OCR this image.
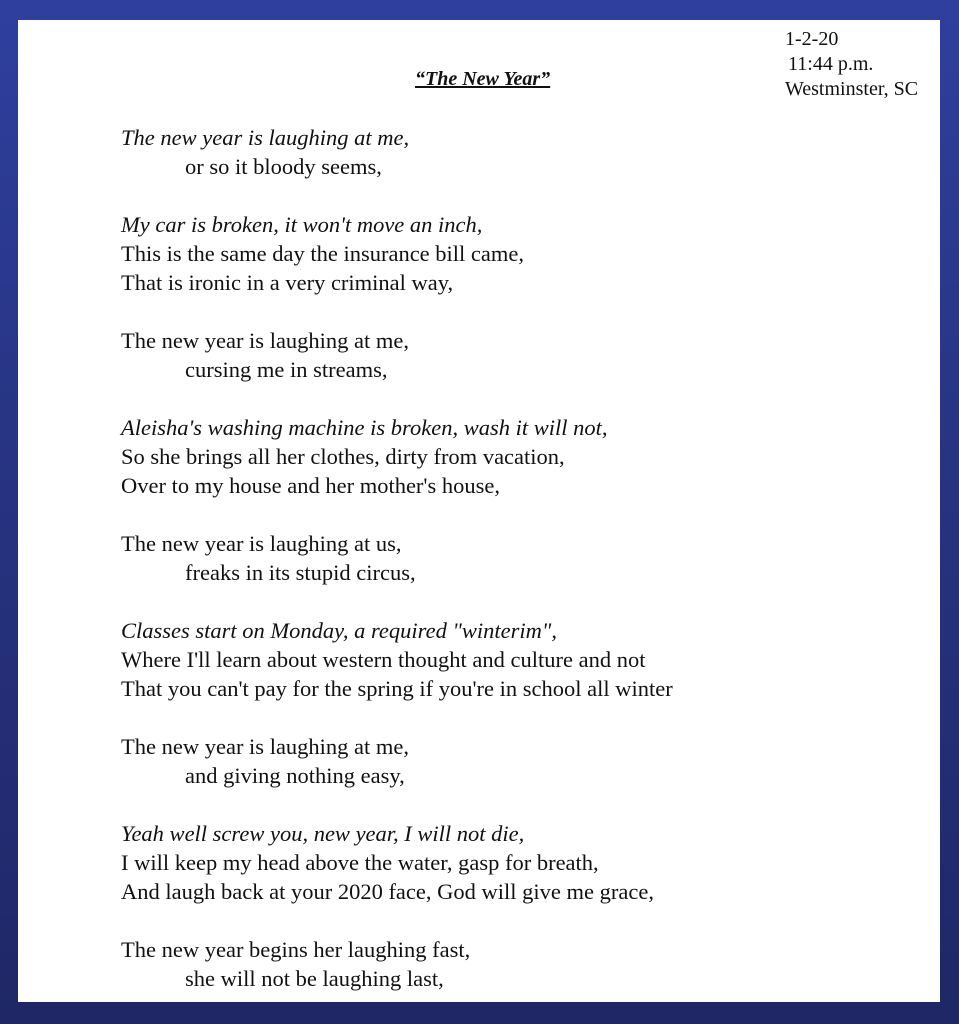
“The New Year”
1-2-20
11:44 p.m.
Westminster, SC
The new year is laughing at me,
or so it bloody seems,
My car is broken, it won't move an inch,
This is the same day the insurance bill came,
That is ironic in a very criminal way,
The new year is laughing at me,
cursing me in streams,
Aleisha's washing machine is broken, wash it will not,
So she brings all her clothes, dirty from vacation,
Over to my house and her mother's house,
The new year is laughing at us,
freaks in its stupid circus,
Classes start on Monday, a required "winterim",
Where I'll learn about western thought and culture and not
That you can't pay for the spring if you're in school all winter
The new year is laughing at me,
and giving nothing easy,
Yeah well screw you, new year, I will not die,
I will keep my head above the water, gasp for breath,
And laugh back at your 2020 face, God will give me grace,
The new year begins her laughing fast,
she will not be laughing last,
